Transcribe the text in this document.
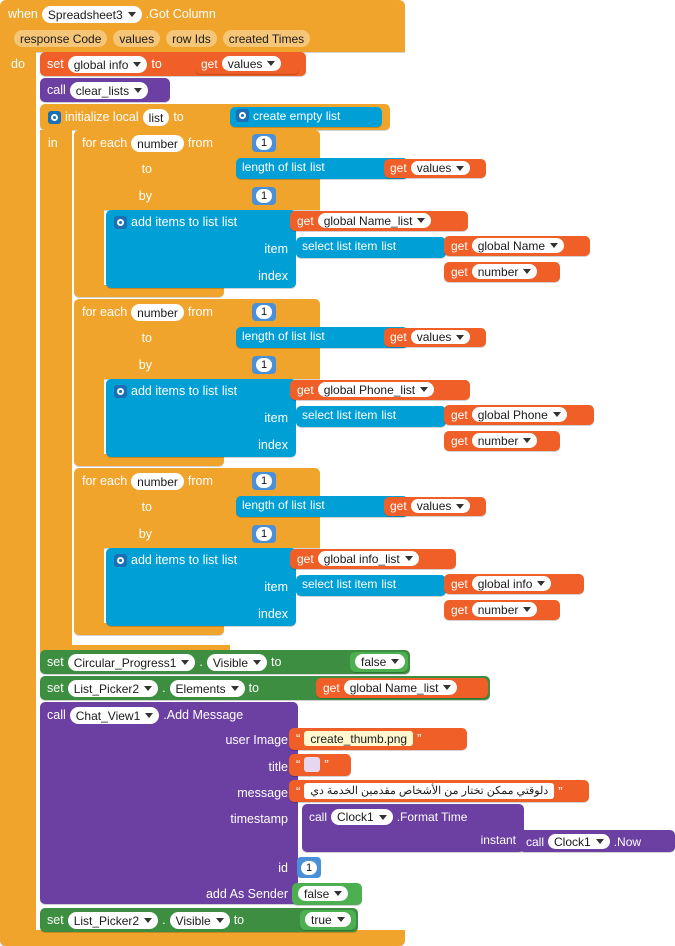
when Spreadsheet3 .Got Column
response Code values row Ids created Times
do set global info to	get values
call clear_lists
initialize local list to	create empty list
in for each number from	1
to
by	1
length of list list	get values
add items to list list
item
index
get global Name_list
select list item list	get global Name
get number
for each number from	1
to
by	1
length of list list	get values
add items to list list
item
index
get global Phone_list
select list item list	get global Phone
get number
for each number from	1
to
by	1
length of list list	get values
add items to list list
item
index
get global info_list
select list item list	get global info
get number
set Circular_Progress1 . Visible to	false
set List_Picker2 . Elements to	get global Name_list
call Chat_View1 .Add Message
user Image
title
message
timestamp
id
add As Sender
“ create_thumb.png ”
“ ”
“ دلوقتي ممكن تختار من الأشخاص مقدمين الخدمة دي ”
call Clock1 .Format Time
instant call Clock1 .Now
1
false
set List_Picker2 . Visible to	true
